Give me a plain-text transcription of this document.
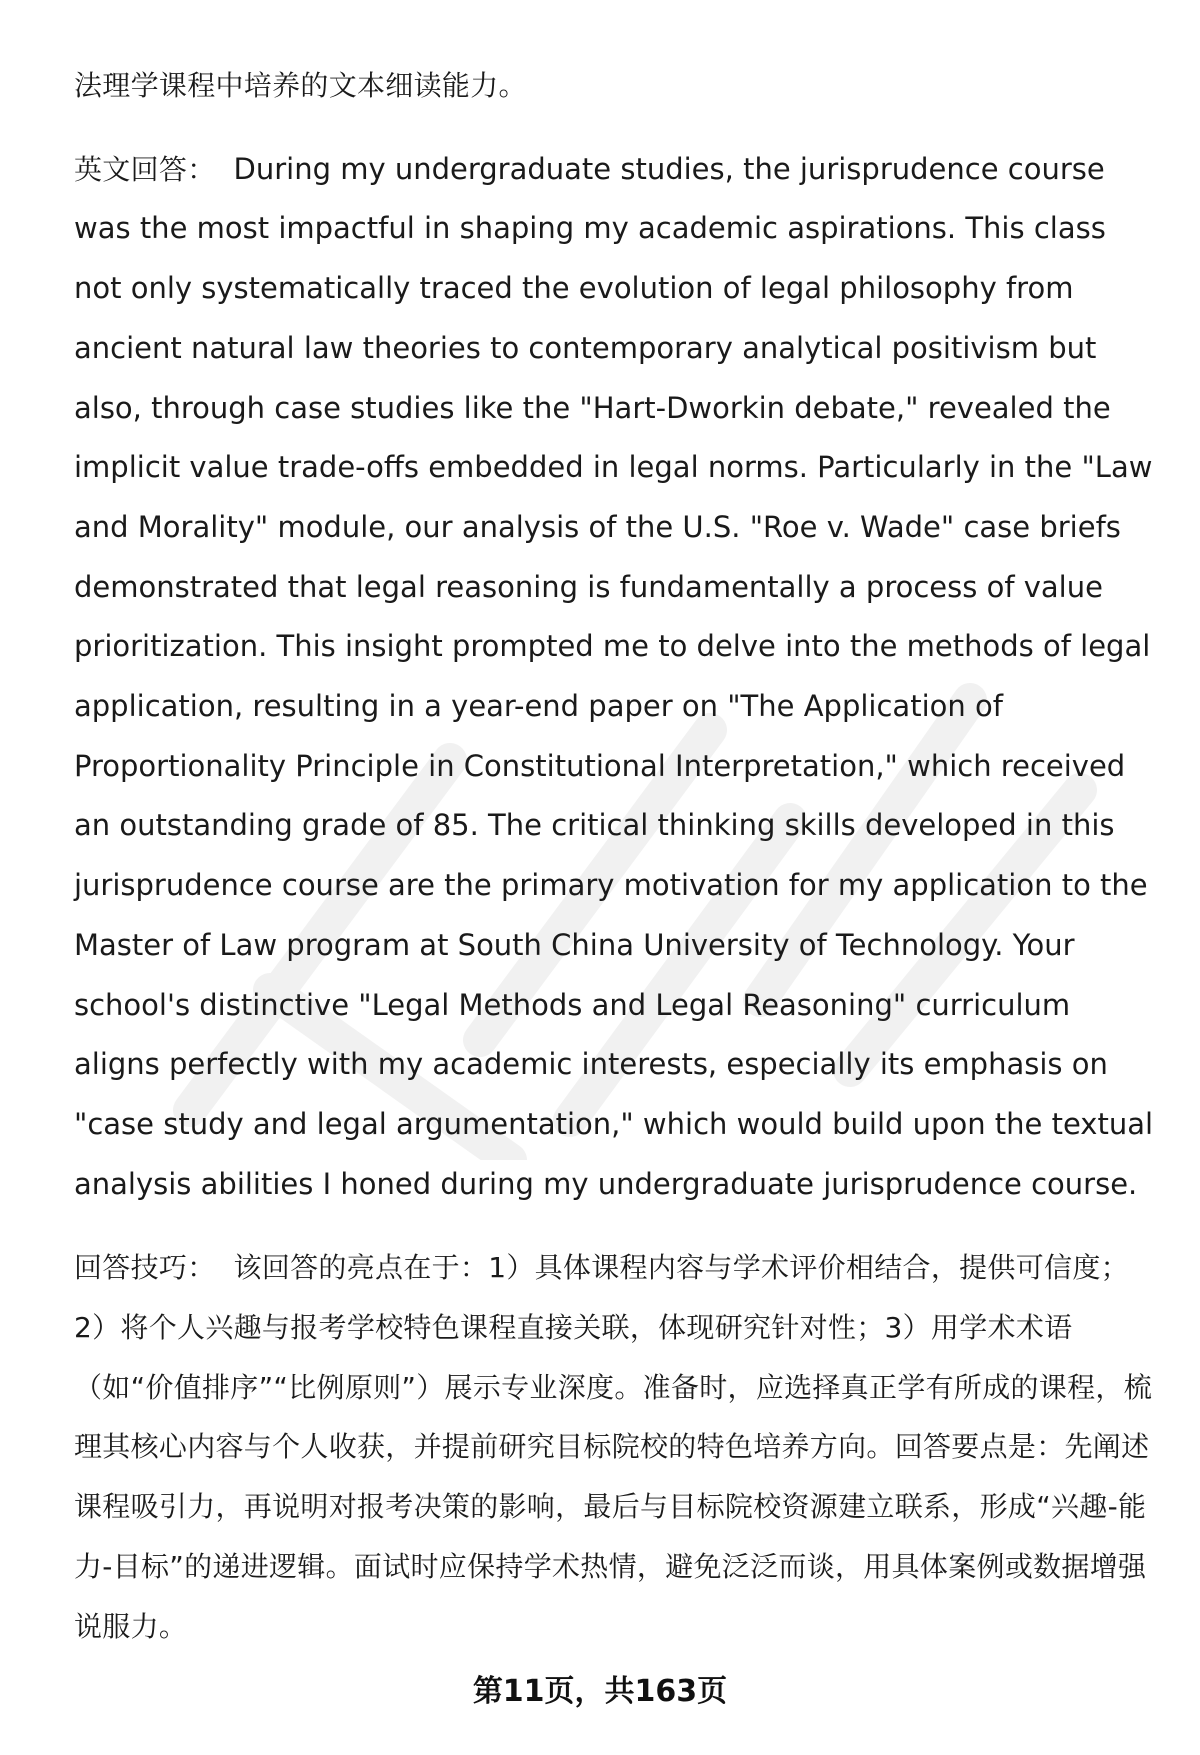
法理学课程中培养的文本细读能力。

英文回答： During my undergraduate studies, the jurisprudence course was the most impactful in shaping my academic aspirations. This class not only systematically traced the evolution of legal philosophy from ancient natural law theories to contemporary analytical positivism but also, through case studies like the "Hart-Dworkin debate," revealed the implicit value trade-offs embedded in legal norms. Particularly in the "Law and Morality" module, our analysis of the U.S. "Roe v. Wade" case briefs demonstrated that legal reasoning is fundamentally a process of value prioritization. This insight prompted me to delve into the methods of legal application, resulting in a year-end paper on "The Application of Proportionality Principle in Constitutional Interpretation," which received an outstanding grade of 85. The critical thinking skills developed in this jurisprudence course are the primary motivation for my application to the Master of Law program at South China University of Technology. Your school's distinctive "Legal Methods and Legal Reasoning" curriculum aligns perfectly with my academic interests, especially its emphasis on "case study and legal argumentation," which would build upon the textual analysis abilities I honed during my undergraduate jurisprudence course.

回答技巧： 该回答的亮点在于：1）具体课程内容与学术评价相结合，提供可信度；2）将个人兴趣与报考学校特色课程直接关联，体现研究针对性；3）用学术术语（如“价值排序”“比例原则”）展示专业深度。准备时，应选择真正学有所成的课程，梳理其核心内容与个人收获，并提前研究目标院校的特色培养方向。回答要点是：先阐述课程吸引力，再说明对报考决策的影响，最后与目标院校资源建立联系，形成“兴趣-能力-目标”的递进逻辑。面试时应保持学术热情，避免泛泛而谈，用具体案例或数据增强说服力。

第11页，共163页
